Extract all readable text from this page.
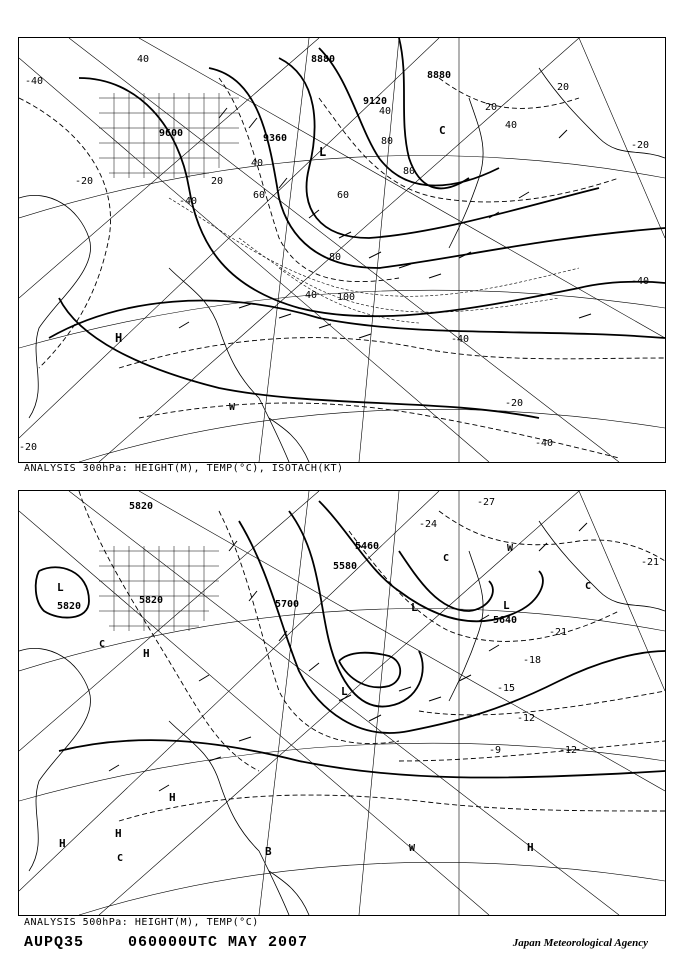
9600	9360
9120
8880
8880
-40
-40
-20
-40
-20
-40
-20
-40
-20
40
20
40
60
80
80
100
40
20
20
40
80
60
40
H
W
C
L
ANALYSIS 300hPa: HEIGHT(M), TEMP(°C), ISOTACH(KT)
5820
5820
5820
5700
5580
5460
5640
-27
-21
-21
-18
-15
-12
-9	-12
-24
L
H
C
L
L
C
W
C
L
H
H
C
W	H
H
B
ANALYSIS 500hPa: HEIGHT(M), TEMP(°C)
AUPQ35	060000UTC MAY 2007	Japan Meteorological Agency
